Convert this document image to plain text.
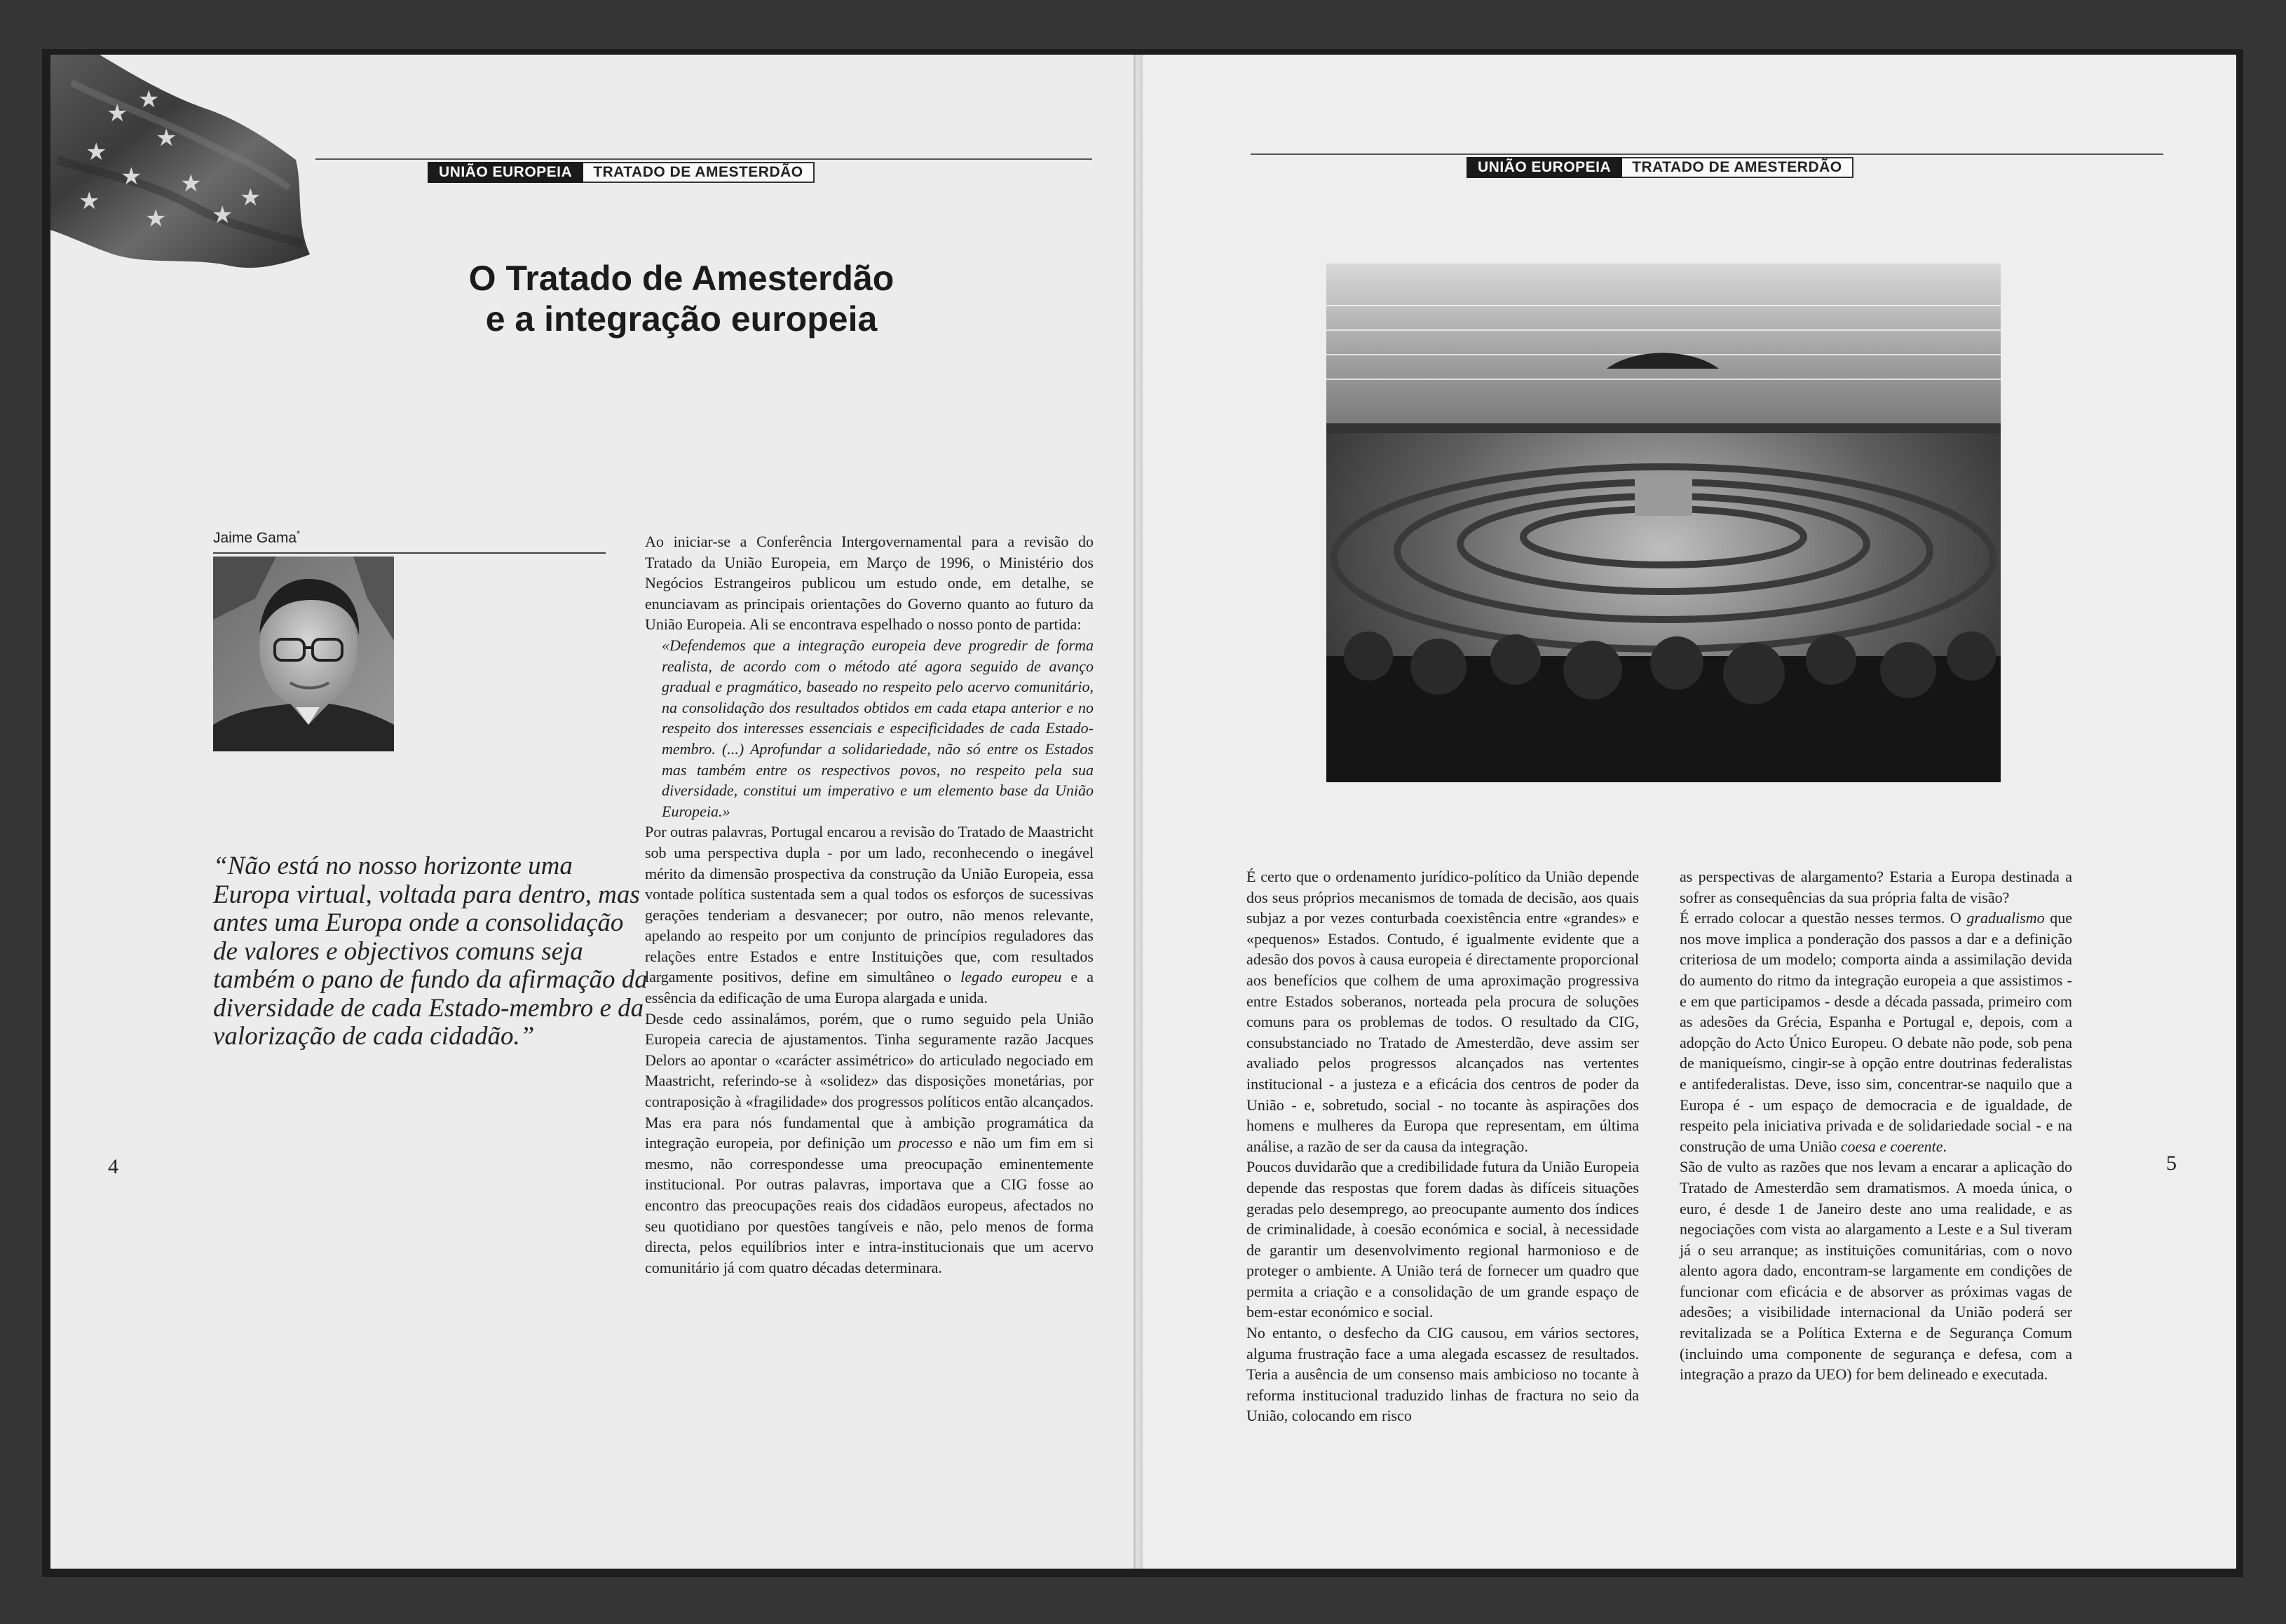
★ ★
★ ★
★
★
★
★ ★
★
UNIÃO EUROPEIA	TRATADO DE AMESTERDÃO
O Tratado de Amesterdão
e a integração europeia
Jaime Gama*
“Não está no nosso horizonte uma Europa virtual, voltada para dentro, mas antes uma Europa onde a consolidação de valores e objectivos comuns seja também o pano de fundo da afirmação da diversidade de cada Estado-membro e da valorização de cada cidadão.”
4

Ao iniciar-se a Conferência Intergovernamental para a revisão do Tratado da União Europeia, em Março de 1996, o Ministério dos Negócios Estrangeiros publicou um estudo onde, em detalhe, se enunciavam as principais orientações do Governo quanto ao futuro da União Europeia. Ali se encontrava espelhado o nosso ponto de partida:

«Defendemos que a integração europeia deve progredir de forma realista, de acordo com o método até agora seguido de avanço gradual e pragmático, baseado no respeito pelo acervo comunitário, na consolidação dos resultados obtidos em cada etapa anterior e no respeito dos interesses essenciais e especificidades de cada Estado-membro. (...) Aprofundar a solidariedade, não só entre os Estados mas também entre os respectivos povos, no respeito pela sua diversidade, constitui um imperativo e um elemento base da União Europeia.»

Por outras palavras, Portugal encarou a revisão do Tratado de Maastricht sob uma perspectiva dupla - por um lado, reconhecendo o inegável mérito da dimensão prospectiva da construção da União Europeia, essa vontade política sustentada sem a qual todos os esforços de sucessivas gerações tenderiam a desvanecer; por outro, não menos relevante, apelando ao respeito por um conjunto de princípios reguladores das relações entre Estados e entre Instituições que, com resultados largamente positivos, define em simultâneo o legado europeu e a essência da edificação de uma Europa alargada e unida.

Desde cedo assinalámos, porém, que o rumo seguido pela União Europeia carecia de ajustamentos. Tinha seguramente razão Jacques Delors ao apontar o «carácter assimétrico» do articulado negociado em Maastricht, referindo-se à «solidez» das disposições monetárias, por contraposição à «fragilidade» dos progressos políticos então alcançados. Mas era para nós fundamental que à ambição programática da integração europeia, por definição um processo e não um fim em si mesmo, não correspondesse uma preocupação eminentemente institucional. Por outras palavras, importava que a CIG fosse ao encontro das preocupações reais dos cidadãos europeus, afectados no seu quotidiano por questões tangíveis e não, pelo menos de forma directa, pelos equilíbrios inter e intra-institucionais que um acervo comunitário já com quatro décadas determinara.

UNIÃO EUROPEIA	TRATADO DE AMESTERDÃO
5

É certo que o ordenamento jurídico-político da União depende dos seus próprios mecanismos de tomada de decisão, aos quais subjaz a por vezes conturbada coexistência entre «grandes» e «pequenos» Estados. Contudo, é igualmente evidente que a adesão dos povos à causa europeia é directamente proporcional aos benefícios que colhem de uma aproximação progressiva entre Estados soberanos, norteada pela procura de soluções comuns para os problemas de todos. O resultado da CIG, consubstanciado no Tratado de Amesterdão, deve assim ser avaliado pelos progressos alcançados nas vertentes institucional - a justeza e a eficácia dos centros de poder da União - e, sobretudo, social - no tocante às aspirações dos homens e mulheres da Europa que representam, em última análise, a razão de ser da causa da integração.

Poucos duvidarão que a credibilidade futura da União Europeia depende das respostas que forem dadas às difíceis situações geradas pelo desemprego, ao preocupante aumento dos índices de criminalidade, à coesão económica e social, à necessidade de garantir um desenvolvimento regional harmonioso e de proteger o ambiente. A União terá de fornecer um quadro que permita a criação e a consolidação de um grande espaço de bem-estar económico e social.

No entanto, o desfecho da CIG causou, em vários sectores, alguma frustração face a uma alegada escassez de resultados. Teria a ausência de um consenso mais ambicioso no tocante à reforma institucional traduzido linhas de fractura no seio da União, colocando em risco

as perspectivas de alargamento? Estaria a Europa destinada a sofrer as consequências da sua própria falta de visão?

É errado colocar a questão nesses termos. O gradualismo que nos move implica a ponderação dos passos a dar e a definição criteriosa de um modelo; comporta ainda a assimilação devida do aumento do ritmo da integração europeia a que assistimos - e em que participamos - desde a década passada, primeiro com as adesões da Grécia, Espanha e Portugal e, depois, com a adopção do Acto Único Europeu. O debate não pode, sob pena de maniqueísmo, cingir-se à opção entre doutrinas federalistas e antifederalistas. Deve, isso sim, concentrar-se naquilo que a Europa é - um espaço de democracia e de igualdade, de respeito pela iniciativa privada e de solidariedade social - e na construção de uma União coesa e coerente.

São de vulto as razões que nos levam a encarar a aplicação do Tratado de Amesterdão sem dramatismos. A moeda única, o euro, é desde 1 de Janeiro deste ano uma realidade, e as negociações com vista ao alargamento a Leste e a Sul tiveram já o seu arranque; as instituições comunitárias, com o novo alento agora dado, encontram-se largamente em condições de funcionar com eficácia e de absorver as próximas vagas de adesões; a visibilidade internacional da União poderá ser revitalizada se a Política Externa e de Segurança Comum (incluindo uma componente de segurança e defesa, com a integração a prazo da UEO) for bem delineado e executada.
